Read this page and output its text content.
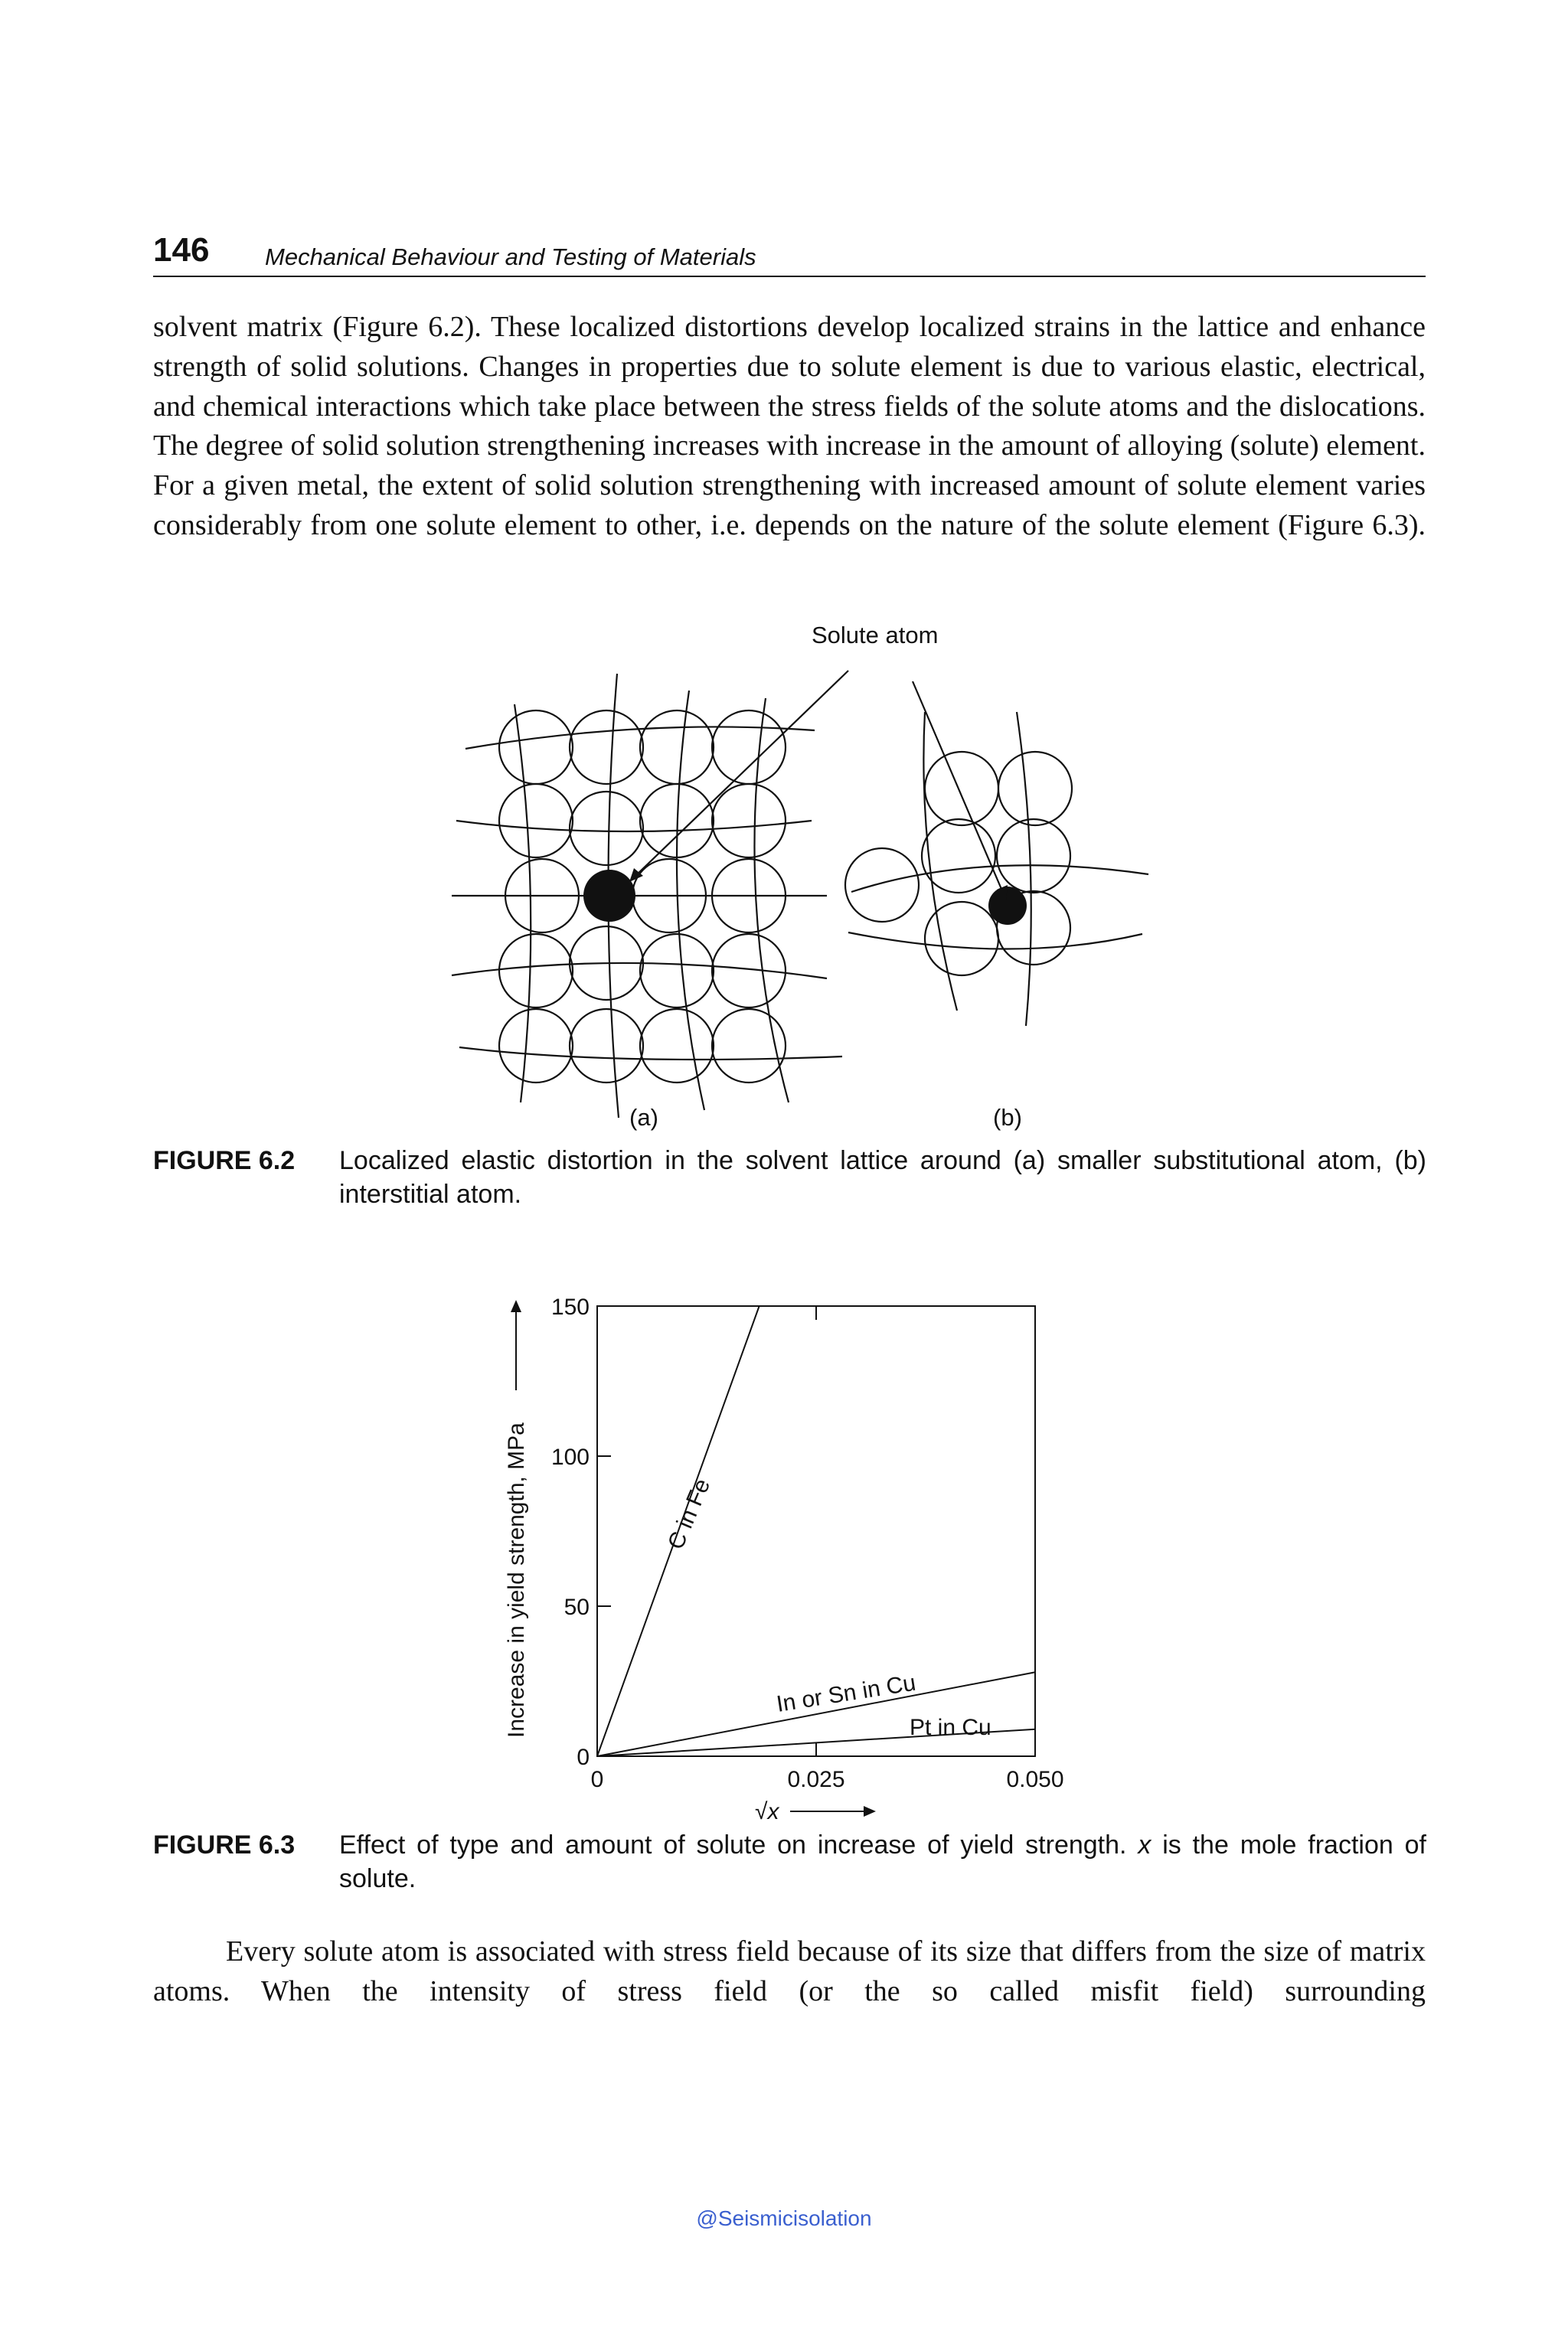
146 Mechanical Behaviour and Testing of Materials
solvent matrix (Figure 6.2). These localized distortions develop localized strains in the lattice and enhance strength of solid solutions. Changes in properties due to solute element is due to various elastic, electrical, and chemical interactions which take place between the stress fields of the solute atoms and the dislocations. The degree of solid solution strengthening increases with increase in the amount of alloying (solute) element. For a given metal, the extent of solid solution strengthening with increased amount of solute element varies considerably from one solute element to other, i.e. depends on the nature of the solute element (Figure 6.3).
Solute atom
(a)	(b)
FIGURE 6.2 Localized elastic distortion in the solvent lattice around (a) smaller substitutional atom, (b) interstitial atom.
0
50
100
150
0	0.025	0.050
C in Fe
In or Sn in Cu
Pt in Cu
Increase in yield strength, MPa
√x
FIGURE 6.3 Effect of type and amount of solute on increase of yield strength. x is the mole fraction of solute.
Every solute atom is associated with stress field because of its size that differs from the size of matrix atoms. When the intensity of stress field (or the so called misfit field) surrounding
@Seismicisolation
